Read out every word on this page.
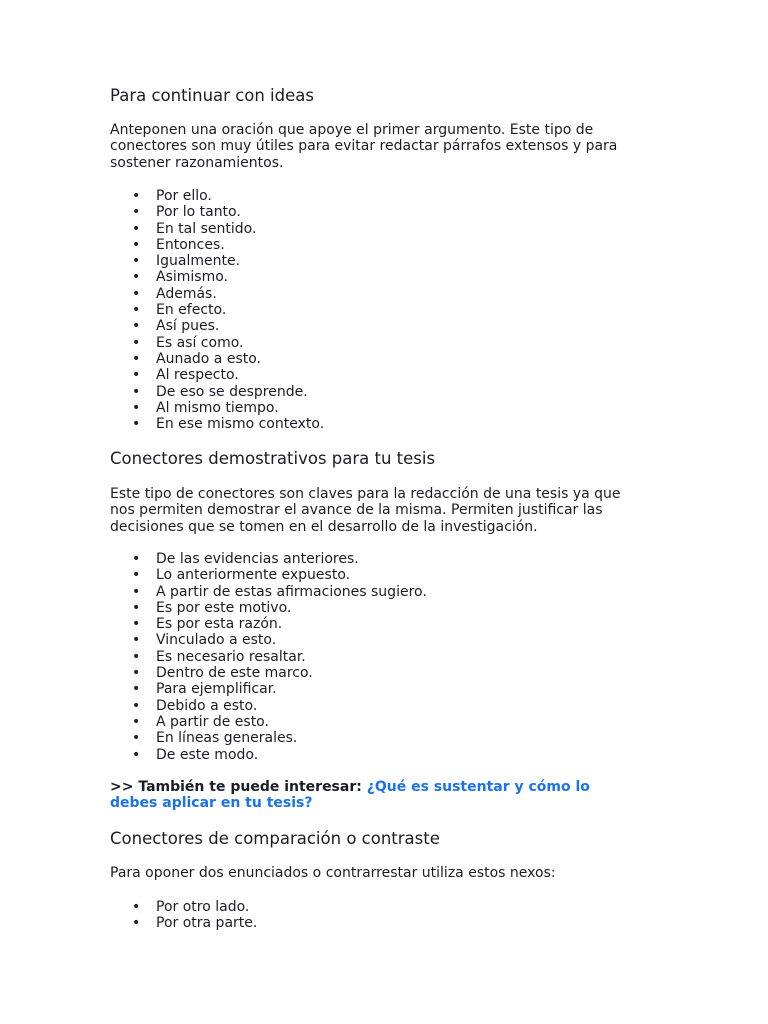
Para continuar con ideas

Anteponen una oración que apoye el primer argumento. Este tipo de
conectores son muy útiles para evitar redactar párrafos extensos y para
sostener razonamientos.

• Por ello.
• Por lo tanto.
• En tal sentido.
• Entonces.
• Igualmente.
• Asimismo.
• Además.
• En efecto.
• Así pues.
• Es así como.
• Aunado a esto.
• Al respecto.
• De eso se desprende.
• Al mismo tiempo.
• En ese mismo contexto.
Conectores demostrativos para tu tesis

Este tipo de conectores son claves para la redacción de una tesis ya que
nos permiten demostrar el avance de la misma. Permiten justificar las
decisiones que se tomen en el desarrollo de la investigación.

• De las evidencias anteriores.
• Lo anteriormente expuesto.
• A partir de estas afirmaciones sugiero.
• Es por este motivo.
• Es por esta razón.
• Vinculado a esto.
• Es necesario resaltar.
• Dentro de este marco.
• Para ejemplificar.
• Debido a esto.
• A partir de esto.
• En líneas generales.
• De este modo.

>> También te puede interesar: ¿Qué es sustentar y cómo lo
debes aplicar en tu tesis?

Conectores de comparación o contraste

Para oponer dos enunciados o contrarrestar utiliza estos nexos:

• Por otro lado.
• Por otra parte.
